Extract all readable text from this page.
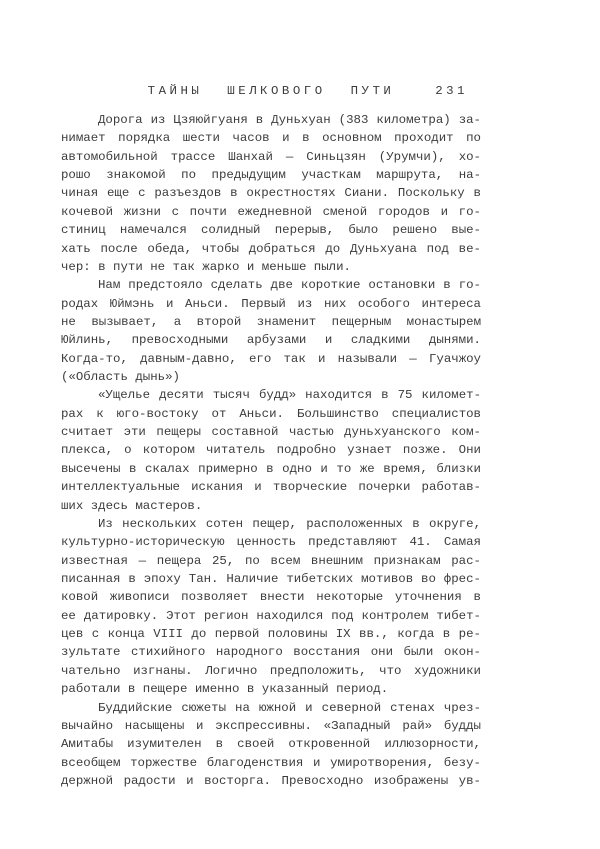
ТАЙНЫ ШЕЛКОВОГО ПУТИ	231
Дорога из Цзяюйгуаня в Дуньхуан (383 километра) за-
нимает порядка шести часов и в основном проходит по
автомобильной трассе Шанхай — Синьцзян (Урумчи), хо-
рошо знакомой по предыдущим участкам маршрута, на-
чиная еще с разъездов в окрестностях Сиани. Поскольку в
кочевой жизни с почти ежедневной сменой городов и го-
стиниц намечался солидный перерыв, было решено вые-
хать после обеда, чтобы добраться до Дуньхуана под ве-
чер: в пути не так жарко и меньше пыли.
Нам предстояло сделать две короткие остановки в го-
родах Юймэнь и Аньси. Первый из них особого интереса
не вызывает, а второй знаменит пещерным монастырем
Юйлинь, превосходными арбузами и сладкими дынями.
Когда-то, давным-давно, его так и называли — Гуачжоу
(«Область дынь»)
«Ущелье десяти тысяч будд» находится в 75 километ-
рах к юго-востоку от Аньси. Большинство специалистов
считает эти пещеры составной частью дуньхуанского ком-
плекса, о котором читатель подробно узнает позже. Они
высечены в скалах примерно в одно и то же время, близки
интеллектуальные искания и творческие почерки работав-
ших здесь мастеров.
Из нескольких сотен пещер, расположенных в округе,
культурно-историческую ценность представляют 41. Самая
известная — пещера 25, по всем внешним признакам рас-
писанная в эпоху Тан. Наличие тибетских мотивов во фрес-
ковой живописи позволяет внести некоторые уточнения в
ее датировку. Этот регион находился под контролем тибет-
цев с конца VIII до первой половины IX вв., когда в ре-
зультате стихийного народного восстания они были окон-
чательно изгнаны. Логично предположить, что художники
работали в пещере именно в указанный период.
Буддийские сюжеты на южной и северной стенах чрез-
вычайно насыщены и экспрессивны. «Западный рай» будды
Амитабы изумителен в своей откровенной иллюзорности,
всеобщем торжестве благоденствия и умиротворения, безу-
держной радости и восторга. Превосходно изображены ув-
